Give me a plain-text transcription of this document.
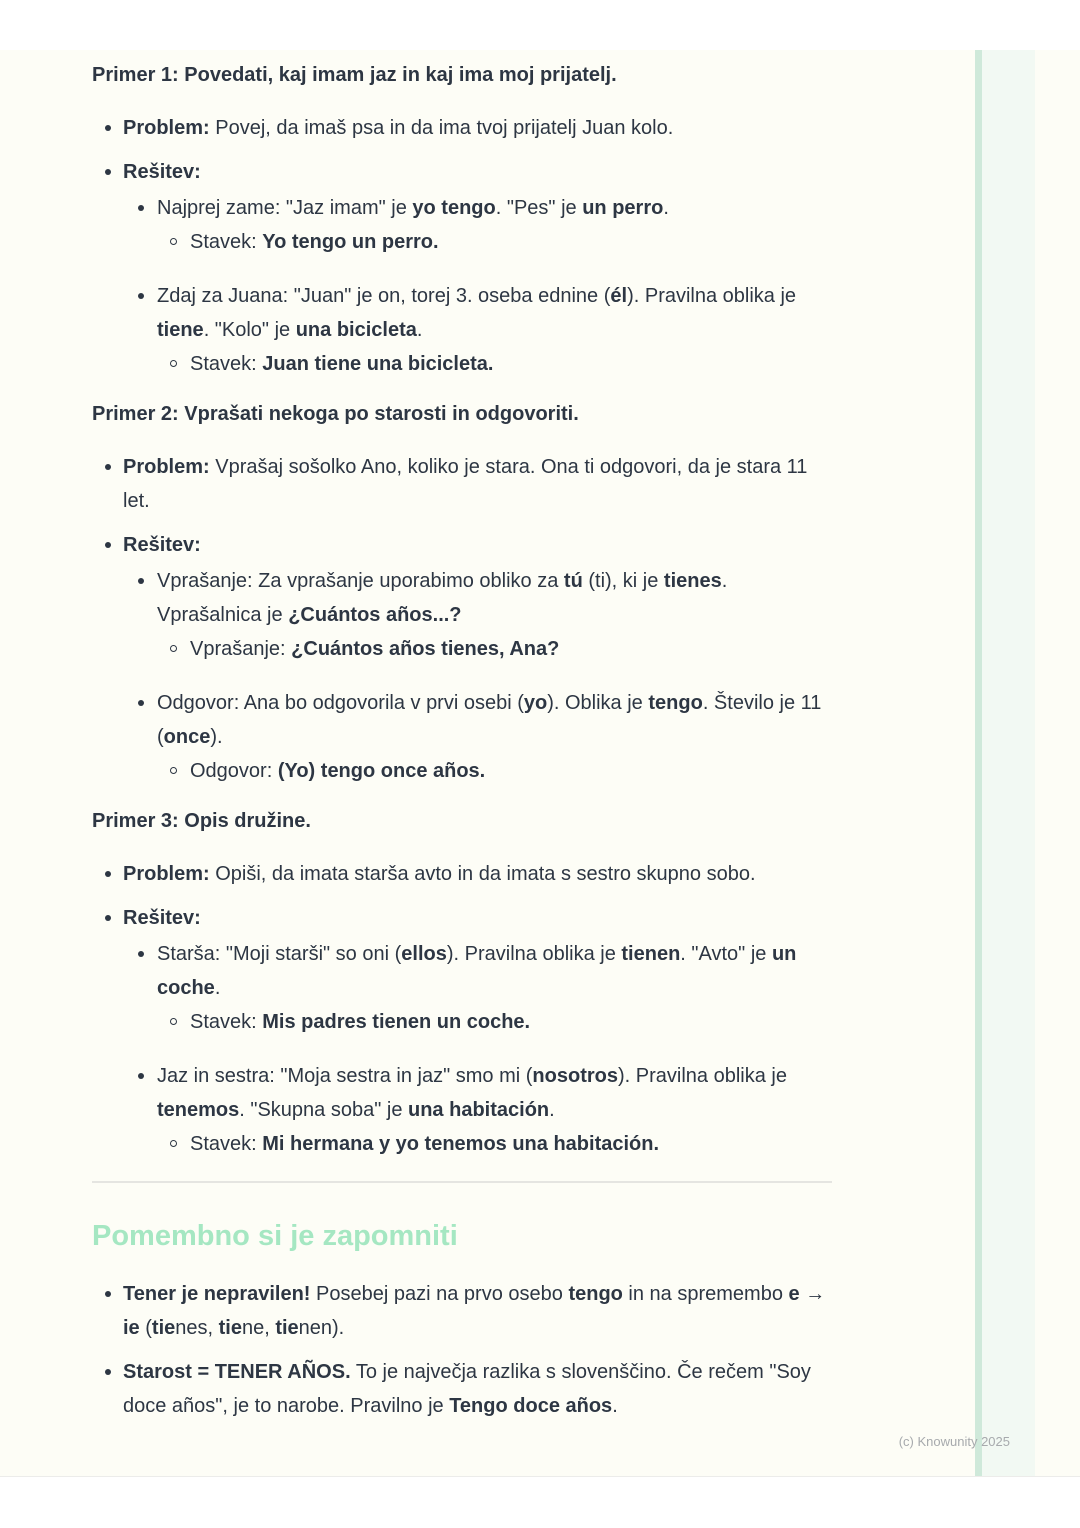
Primer 1: Povedati, kaj imam jaz in kaj ima moj prijatelj.
Problem: Povej, da imaš psa in da ima tvoj prijatelj Juan kolo.
Rešitev:
Najprej zame: "Jaz imam" je yo tengo. "Pes" je un perro.
Stavek: Yo tengo un perro.
Zdaj za Juana: "Juan" je on, torej 3. oseba ednine (él). Pravilna oblika je tiene. "Kolo" je una bicicleta.
Stavek: Juan tiene una bicicleta.
Primer 2: Vprašati nekoga po starosti in odgovoriti.
Problem: Vprašaj sošolko Ano, koliko je stara. Ona ti odgovori, da je stara 11 let.
Rešitev:
Vprašanje: Za vprašanje uporabimo obliko za tú (ti), ki je tienes. Vprašalnica je ¿Cuántos años...?
Vprašanje: ¿Cuántos años tienes, Ana?
Odgovor: Ana bo odgovorila v prvi osebi (yo). Oblika je tengo. Število je 11 (once).
Odgovor: (Yo) tengo once años.
Primer 3: Opis družine.
Problem: Opiši, da imata starša avto in da imata s sestro skupno sobo.
Rešitev:
Starša: "Moji starši" so oni (ellos). Pravilna oblika je tienen. "Avto" je un coche.
Stavek: Mis padres tienen un coche.
Jaz in sestra: "Moja sestra in jaz" smo mi (nosotros). Pravilna oblika je tenemos. "Skupna soba" je una habitación.
Stavek: Mi hermana y yo tenemos una habitación.
Pomembno si je zapomniti
Tener je nepravilen! Posebej pazi na prvo osebo tengo in na spremembo e → ie (tienes, tiene, tienen).
Starost = TENER AÑOS. To je največja razlika s slovenščino. Če rečem "Soy doce años", je to narobe. Pravilno je Tengo doce años.
(c) Knowunity 2025
